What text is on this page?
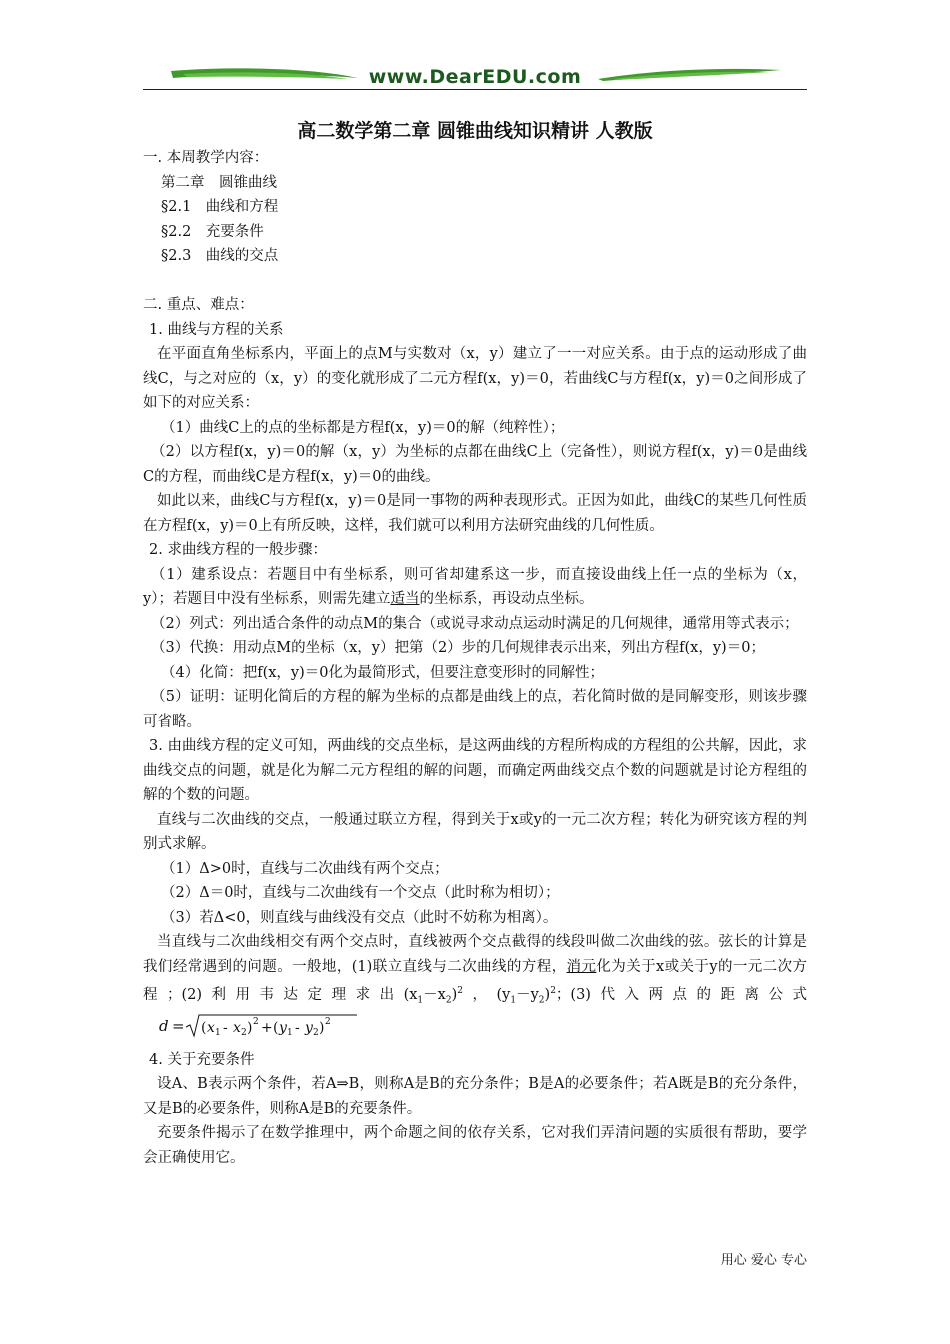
www.DearEDU.com
高二数学第二章 圆锥曲线知识精讲 人教版

一. 本周教学内容：

第二章　圆锥曲线

§2.1　曲线和方程

§2.2　充要条件

§2.3　曲线的交点

二. 重点、难点：

1. 曲线与方程的关系

在平面直角坐标系内，平面上的点M与实数对（x，y）建立了一一对应关系。由于点的运动形成了曲线C，与之对应的（x，y）的变化就形成了二元方程f(x，y)＝0，若曲线C与方程f(x，y)＝0之间形成了如下的对应关系：

（1）曲线C上的点的坐标都是方程f(x，y)＝0的解（纯粹性）；

（2）以方程f(x，y)＝0的解（x，y）为坐标的点都在曲线C上（完备性），则说方程f(x，y)＝0是曲线C的方程，而曲线C是方程f(x，y)＝0的曲线。

如此以来，曲线C与方程f(x，y)＝0是同一事物的两种表现形式。正因为如此，曲线C的某些几何性质在方程f(x，y)＝0上有所反映，这样，我们就可以利用方法研究曲线的几何性质。

2. 求曲线方程的一般步骤：

（1）建系设点：若题目中有坐标系，则可省却建系这一步，而直接设曲线上任一点的坐标为（x，y）；若题目中没有坐标系，则需先建立适当的坐标系，再设动点坐标。

（2）列式：列出适合条件的动点M的集合（或说寻求动点运动时满足的几何规律，通常用等式表示；

（3）代换：用动点M的坐标（x，y）把第（2）步的几何规律表示出来，列出方程f(x，y)＝0；

（4）化简：把f(x，y)＝0化为最简形式，但要注意变形时的同解性；

（5）证明：证明化简后的方程的解为坐标的点都是曲线上的点，若化简时做的是同解变形，则该步骤可省略。

3. 由曲线方程的定义可知，两曲线的交点坐标，是这两曲线的方程所构成的方程组的公共解，因此，求曲线交点的问题，就是化为解二元方程组的解的问题，而确定两曲线交点个数的问题就是讨论方程组的解的个数的问题。

直线与二次曲线的交点，一般通过联立方程，得到关于x或y的一元二次方程；转化为研究该方程的判别式求解。

（1）Δ>0时，直线与二次曲线有两个交点；

（2）Δ＝0时，直线与二次曲线有一个交点（此时称为相切）；

（3）若Δ<0，则直线与曲线没有交点（此时不妨称为相离）。

当直线与二次曲线相交有两个交点时，直线被两个交点截得的线段叫做二次曲线的弦。弦长的计算是我们经常遇到的问题。一般地，(1)联立直线与二次曲线的方程，消元化为关于x或关于y的一元二次方程；(2)利用韦达定理求出$(x_1-x_2)^2$，$(y_1-y_2)^2$；(3)代入两点的距离公式
d = ( x 1 - x 2 ) 2 + ( y 1 - y 2 ) 2

4. 关于充要条件

设A、B表示两个条件，若A⇒B，则称A是B的充分条件；B是A的必要条件；若A既是B的充分条件，又是B的必要条件，则称A是B的充要条件。

充要条件揭示了在数学推理中，两个命题之间的依存关系，它对我们弄清问题的实质很有帮助，要学会正确使用它。

用心 爱心 专心
